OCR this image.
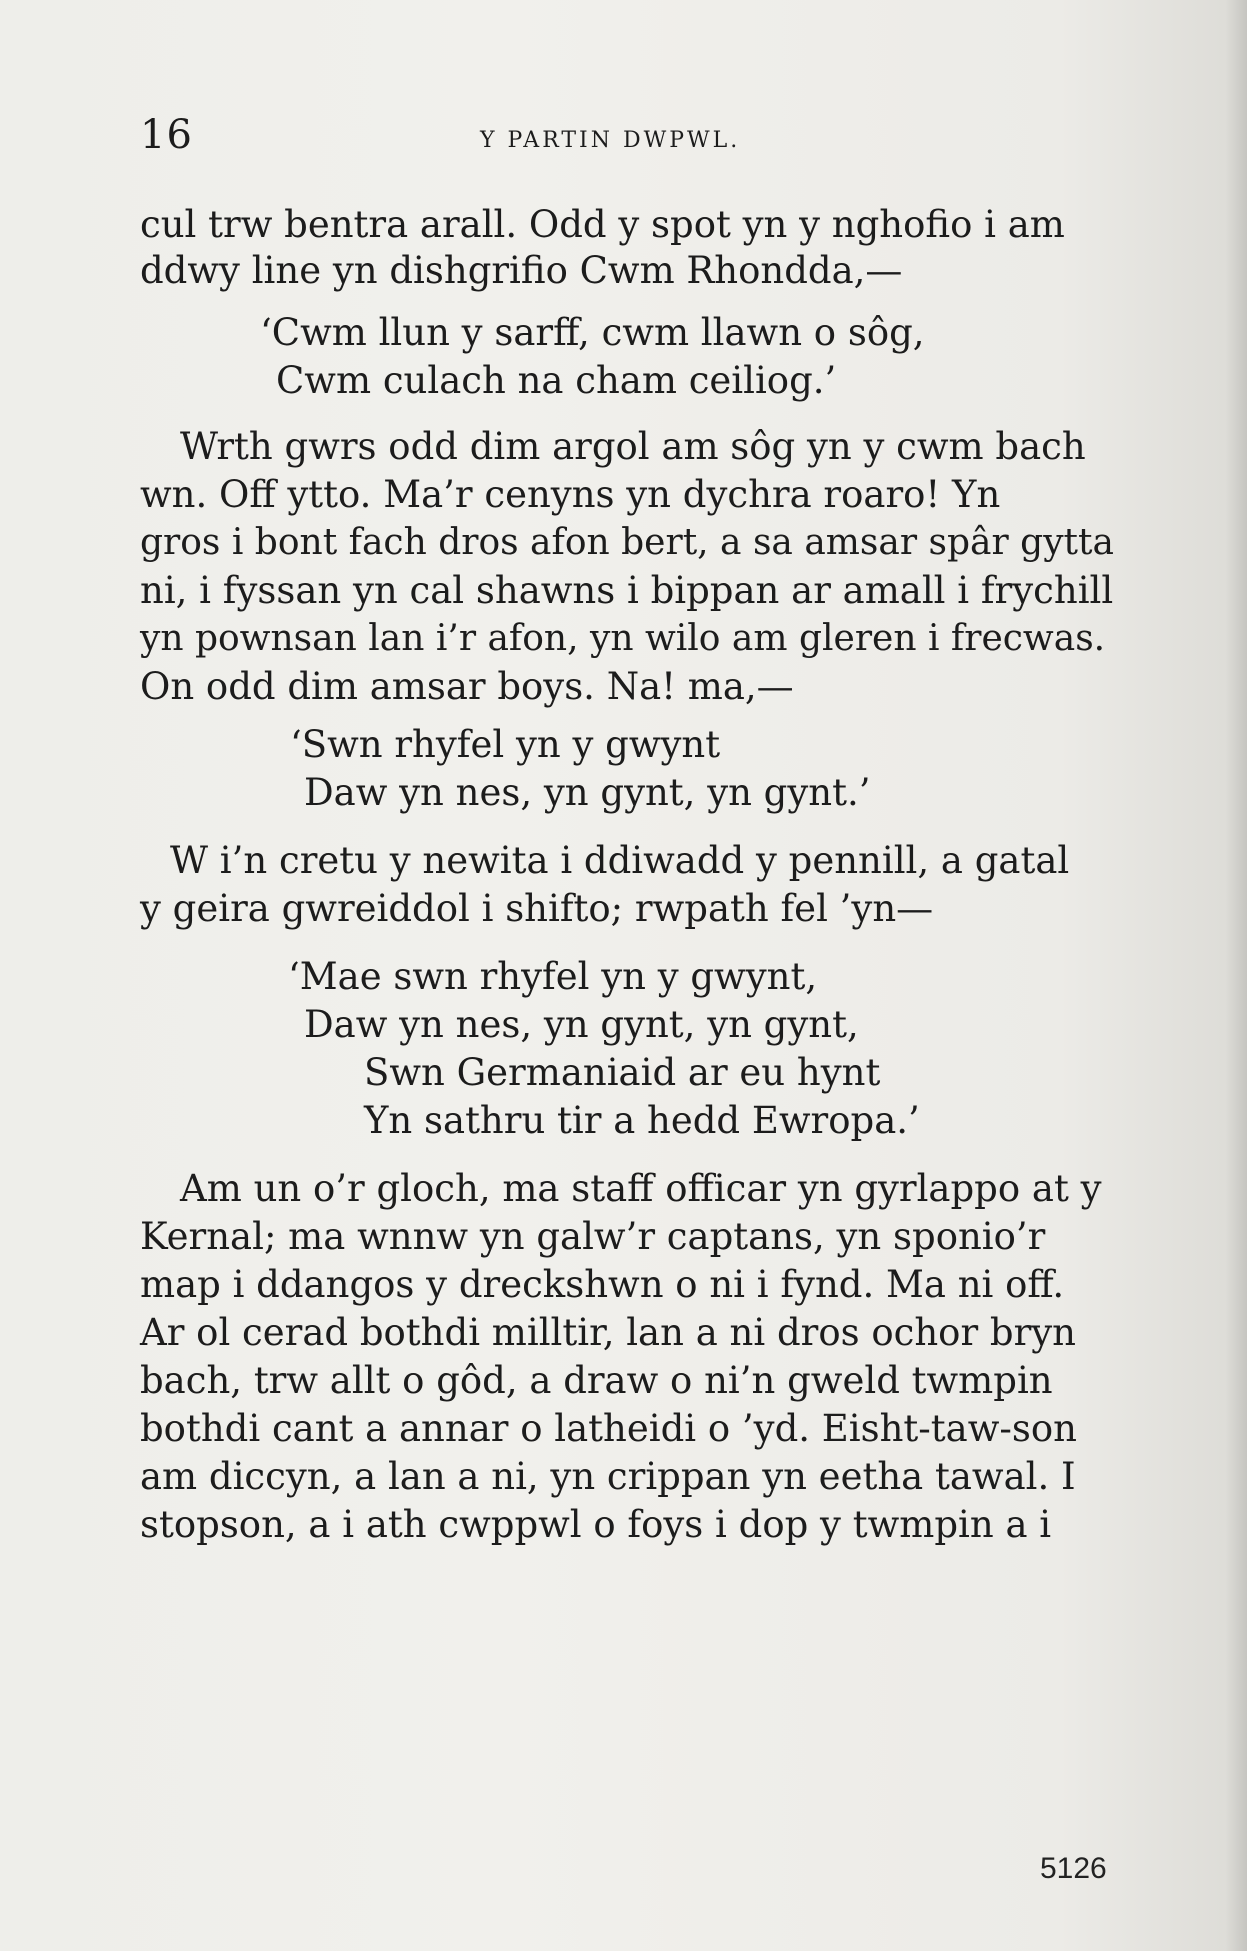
16	Y PARTIN DWPWL.
cul trw bentra arall. Odd y spot yn y nghofio i am
ddwy line yn dishgrifio Cwm Rhondda,—
‘Cwm llun y sarff, cwm llawn o sôg,
Cwm culach na cham ceiliog.’
Wrth gwrs odd dim argol am sôg yn y cwm bach
wn. Off ytto. Ma’r cenyns yn dychra roaro! Yn
gros i bont fach dros afon bert, a sa amsar spâr gytta
ni, i fyssan yn cal shawns i bippan ar amall i frychill
yn pownsan lan i’r afon, yn wilo am gleren i frecwas.
On odd dim amsar boys. Na! ma,—
‘Swn rhyfel yn y gwynt
Daw yn nes, yn gynt, yn gynt.’
W i’n cretu y newita i ddiwadd y pennill, a gatal
y geira gwreiddol i shifto; rwpath fel ’yn—
‘Mae swn rhyfel yn y gwynt,
Daw yn nes, yn gynt, yn gynt,
Swn Germaniaid ar eu hynt
Yn sathru tir a hedd Ewropa.’
Am un o’r gloch, ma staff officar yn gyrlappo at y
Kernal; ma wnnw yn galw’r captans, yn sponio’r
map i ddangos y dreckshwn o ni i fynd. Ma ni off.
Ar ol cerad bothdi milltir, lan a ni dros ochor bryn
bach, trw allt o gôd, a draw o ni’n gweld twmpin
bothdi cant a annar o latheidi o ’yd. Eisht-taw-son
am diccyn, a lan a ni, yn crippan yn eetha tawal. I
stopson, a i ath cwppwl o foys i dop y twmpin a i
5126
